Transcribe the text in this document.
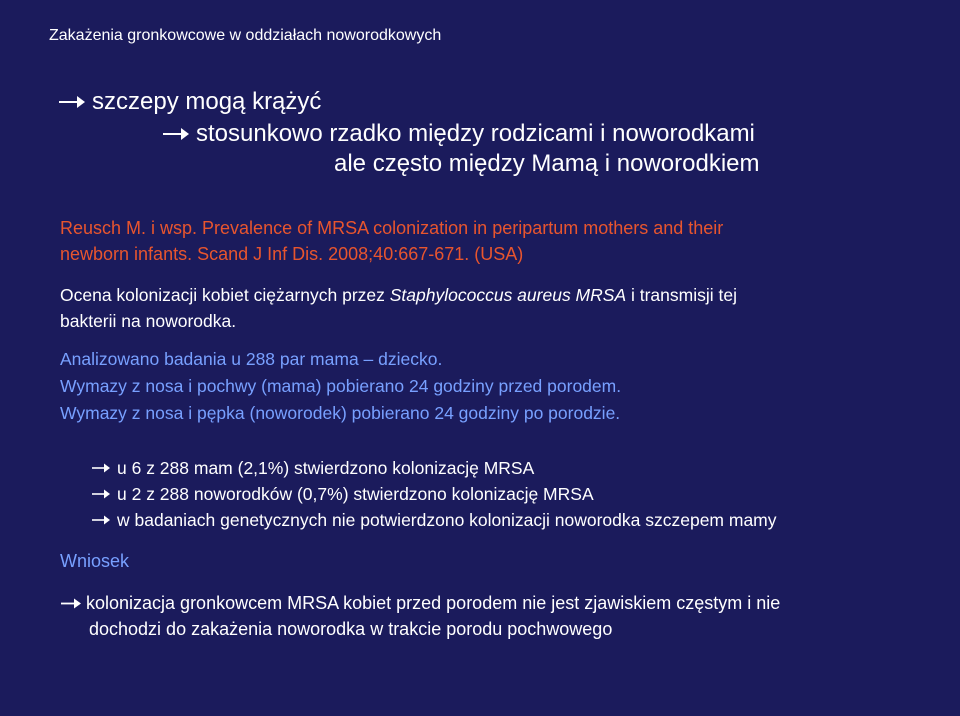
Zakażenia gronkowcowe w oddziałach noworodkowych

szczepy mogą krążyć
stosunkowo rzadko między rodzicami i noworodkami

ale często między Mamą i noworodkiem

Reusch M. i wsp. Prevalence of MRSA colonization in peripartum mothers and their

newborn infants. Scand J Inf Dis. 2008;40:667-671. (USA)

Ocena kolonizacji kobiet ciężarnych przez Staphylococcus aureus MRSA i transmisji tej

bakterii na noworodka.

Analizowano badania u 288 par mama – dziecko.

Wymazy z nosa i pochwy (mama) pobierano 24 godziny przed porodem.

Wymazy z nosa i pępka (noworodek) pobierano 24 godziny po porodzie.

u 6 z 288 mam (2,1%) stwierdzono kolonizację MRSA
u 2 z 288 noworodków (0,7%) stwierdzono kolonizację MRSA
w badaniach genetycznych nie potwierdzono kolonizacji noworodka szczepem mamy

Wniosek

kolonizacja gronkowcem MRSA kobiet przed porodem nie jest zjawiskiem częstym i nie

dochodzi do zakażenia noworodka w trakcie porodu pochwowego
